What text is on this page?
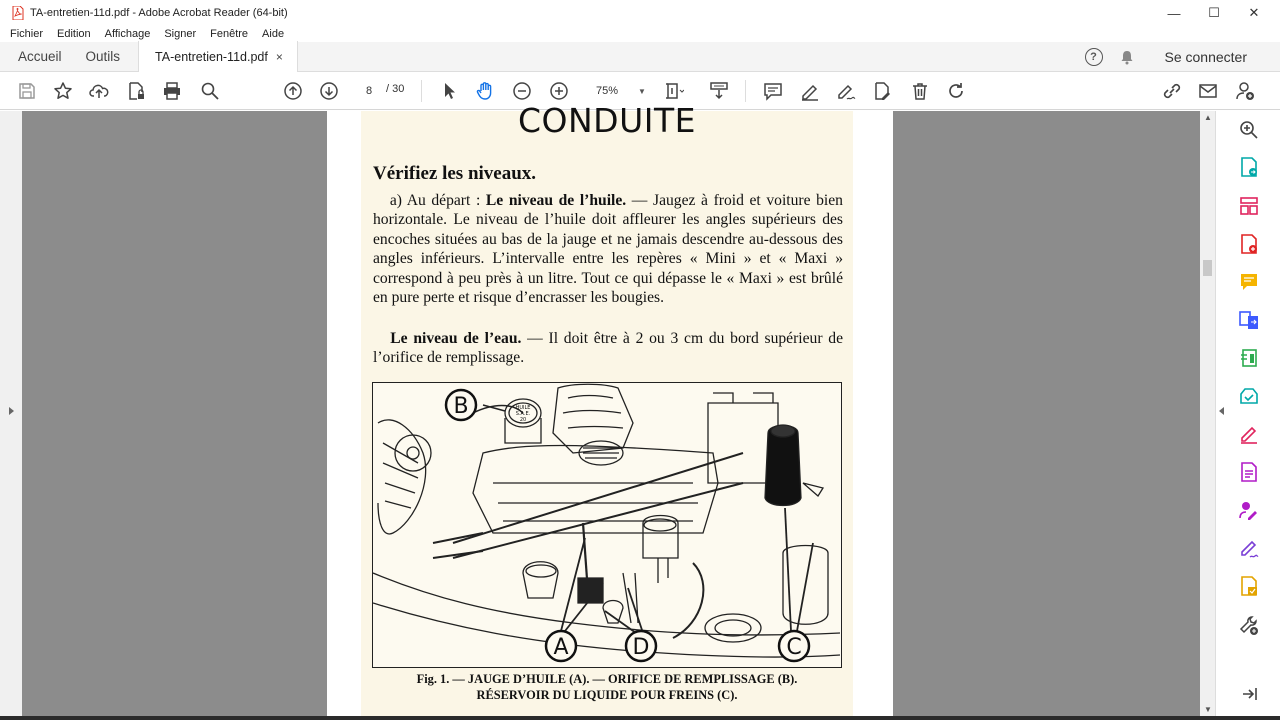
TA-entretien-11d.pdf - Adobe Acrobat Reader (64-bit)	—	☐	✕
Fichier Edition Affichage Signer Fenêtre Aide
Accueil	Outils	TA-entretien-11d.pdf ×	?	Se connecter
8	/ 30	75%	▼
CONDUITE
Vérifiez les niveaux.

a) Au départ : Le niveau de l’huile. — Jaugez à froid et voiture bien horizontale. Le niveau de l’huile doit affleurer les angles supérieurs des encoches situées au bas de la jauge et ne jamais descendre au-dessous des angles inférieurs. L’intervalle entre les repères « Mini » et « Maxi » correspond à peu près à un litre. Tout ce qui dépasse le « Maxi » est brûlé en pure perte et risque d’encrasser les bougies.

Le niveau de l’eau. — Il doit être à 2 ou 3 cm du bord supérieur de l’orifice de remplissage.

B
A	D	C
HUILE
S.A.E.
20
Fig. 1. — JAUGE D’HUILE (A). — ORIFICE DE REMPLISSAGE (B).
RÉSERVOIR DU LIQUIDE POUR FREINS (C).
▲
▼
